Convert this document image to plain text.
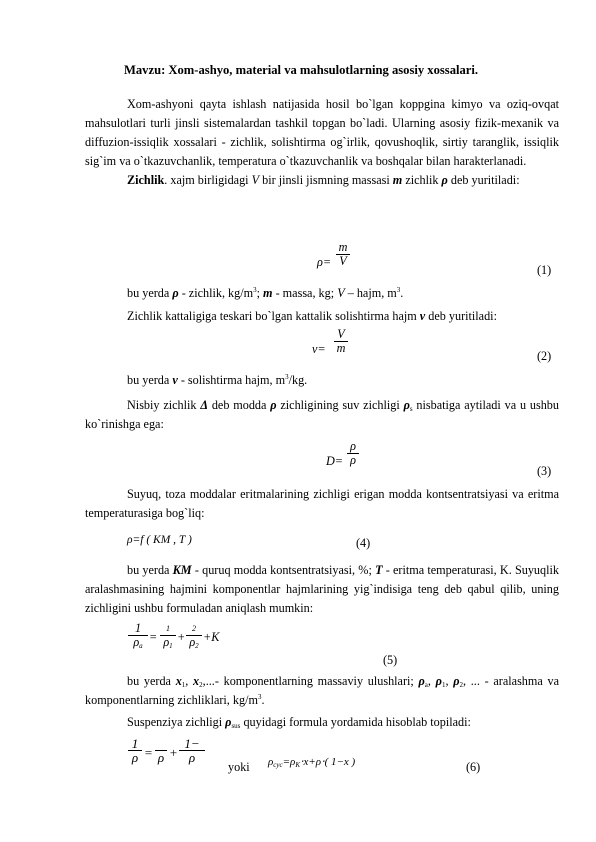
Mavzu: Xom-ashyo, material va mahsulotlarning asosiy xossalari.

Xom-ashyoni qayta ishlash natijasida hosil bo`lgan koppgina kimyo va oziq-ovqat mahsulotlari turli jinsli sistemalardan tashkil topgan bo`ladi. Ularning asosiy fizik-mexanik va diffuzion-issiqlik xossalari - zichlik, solishtirma og`irlik, qovushoqlik, sirtiy taranglik, issiqlik sig`im va o`tkazuvchanlik, temperatura o`tkazuvchanlik va boshqalar bilan harakterlanadi.

Zichlik. xajm birligidagi V bir jinsli jismning massasi m zichlik ρ deb yuritiladi:

ρ=
m
V
(1)
bu yerda ρ - zichlik, $kg/m^3$; m - massa, kg; V – hajm, $m^3$.
Zichlik kattaligiga teskari bo`lgan kattalik solishtirma hajm v deb yuritiladi:
v=
V
m
(2)
bu yerda v - solishtirma hajm, $m^3/kg$.

Nisbiy zichlik Δ deb modda ρ zichligining suv zichligi $\rho_s$ nisbatiga aytiladi va u ushbu ko`rinishga ega:

D=
ρ
ρ
(3)

Suyuq, toza moddalar eritmalarining zichligi erigan modda kontsentratsiyasi va eritma temperaturasiga bog`liq:

ρ=f ( KM , T )	(4)

bu yerda KM - quruq modda kontsentratsiyasi, %; T - eritma temperaturasi, K. Suyuqlik aralashmasining hajmini komponentlar hajmlarining yig`indisiga teng deb qabul qilib, uning zichligini ushbu formuladan aniqlash mumkin:

1
$\rho_a$
=
1
$\rho_1$
+
2
$\rho_2$
+K
(5)

bu yerda $x_1$, $x_2,...-$ komponentlarning massaviy ulushlari; $\rho_a$, $\rho_1$, $\rho_2$, ... - aralashma va komponentlarning zichliklari, $kg/m^3$.

Suspenziya zichligi $\rho_{sus}$ quyidagi formula yordamida hisoblab topiladi:
1
ρ = ρ +
1−
ρ
yoki $\rho_{cyc}=\rho_K\cdot x+\rho\cdot$( 1−x )	(6)
